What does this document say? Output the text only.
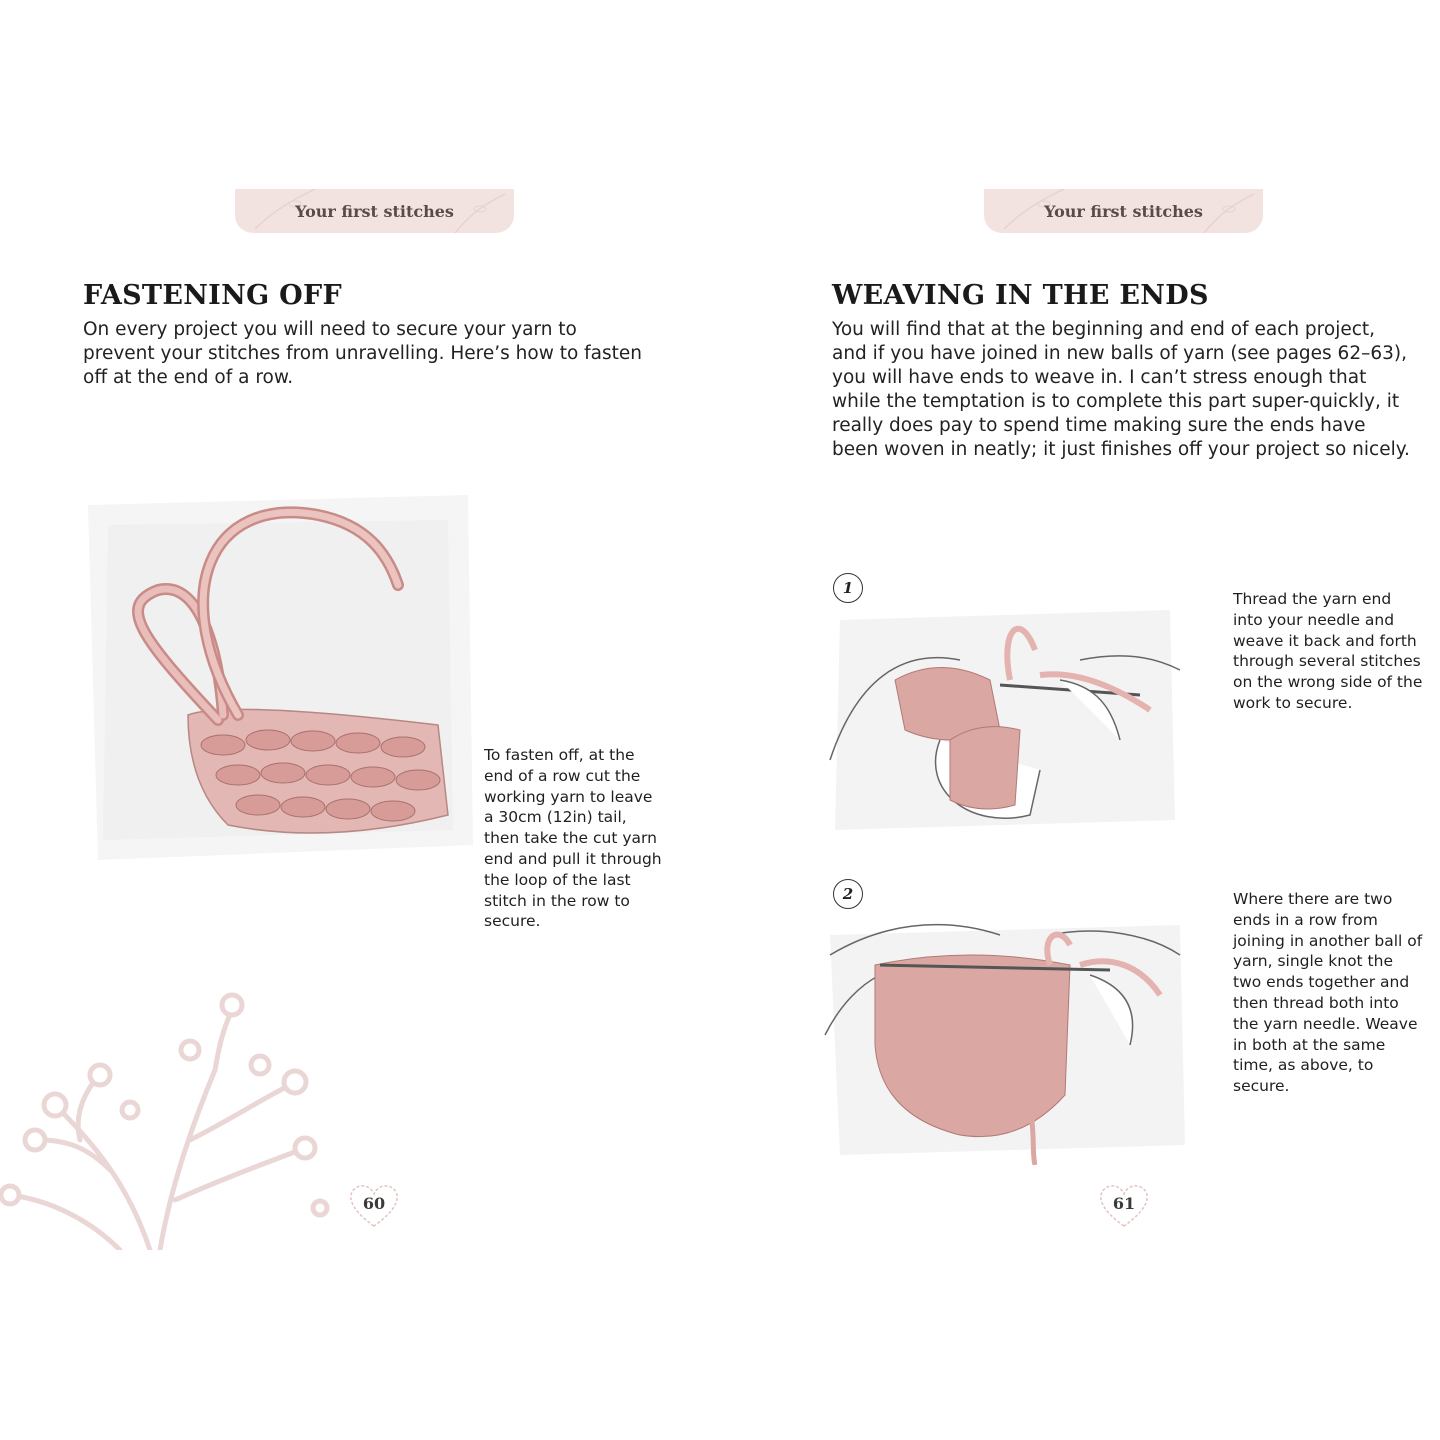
Your first stitches
FASTENING OFF

On every project you will need to secure your yarn to prevent your stitches from unravelling. Here’s how to fasten off at the end of a row.

To fasten off, at the end of a row cut the working yarn to leave a 30cm (12in) tail, then take the cut yarn end and pull it through the loop of the last stitch in the row to secure.

60
Your first stitches
WEAVING IN THE ENDS

You will find that at the beginning and end of each project, and if you have joined in new balls of yarn (see pages 62–63), you will have ends to weave in. I can’t stress enough that while the temptation is to complete this part super-quickly, it really does pay to spend time making sure the ends have been woven in neatly; it just finishes off your project so nicely.

1

Thread the yarn end into your needle and weave it back and forth through several stitches on the wrong side of the work to secure.

2	Where there are two ends in a row from joining in another ball of yarn, single knot the two ends together and then thread both into the yarn needle. Weave in both at the same time, as above, to secure.

61
